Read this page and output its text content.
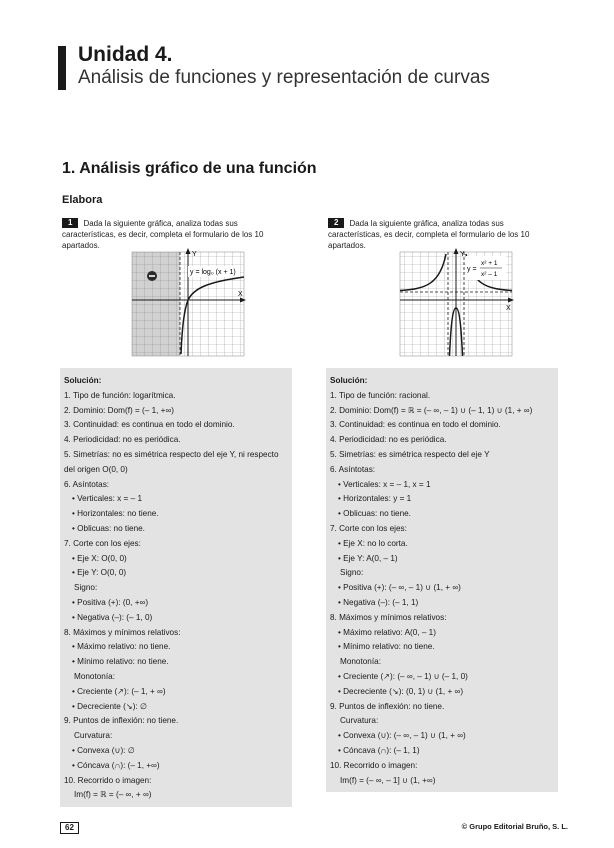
Unidad 4.
Análisis de funciones y representación de curvas
1. Análisis gráfico de una función
Elabora
1 Dada la siguiente gráfica, analiza todas sus características, es decir, completa el formulario de los 10 apartados.
y = log₀ (x + 1)
Y
X
Solución:
1. Tipo de función: logarítmica.
2. Dominio: Dom(f) = (– 1, +∞)
3. Continuidad: es continua en todo el dominio.
4. Periodicidad: no es periódica.
5. Simetrías: no es simétrica respecto del eje Y, ni respecto del origen O(0, 0)
6. Asíntotas:
• Verticales: x = – 1
• Horizontales: no tiene.
• Oblicuas: no tiene.
7. Corte con los ejes:
• Eje X: O(0, 0)
• Eje Y: O(0, 0)
Signo:
• Positiva (+): (0, +∞)
• Negativa (–): (– 1, 0)
8. Máximos y mínimos relativos:
• Máximo relativo: no tiene.
• Mínimo relativo: no tiene.
Monotonía:
• Creciente (↗): (– 1, + ∞)
• Decreciente (↘): ∅
9. Puntos de inflexión: no tiene.
Curvatura:
• Convexa (∪): ∅
• Cóncava (∩): (– 1, +∞)
10. Recorrido o imagen:
Im(f) = ℝ = (– ∞, + ∞)
2 Dada la siguiente gráfica, analiza todas sus características, es decir, completa el formulario de los 10 apartados.
y =
x² + 1
x² – 1
Y
X
Solución:
1. Tipo de función: racional.
2. Dominio: Dom(f) = ℝ = (– ∞, – 1) ∪ (– 1, 1) ∪ (1, + ∞)
3. Continuidad: es continua en todo el dominio.
4. Periodicidad: no es periódica.
5. Simetrías: es simétrica respecto del eje Y
6. Asíntotas:
• Verticales: x = – 1, x = 1
• Horizontales: y = 1
• Oblicuas: no tiene.
7. Corte con los ejes:
• Eje X: no lo corta.
• Eje Y: A(0, – 1)
Signo:
• Positiva (+): (– ∞, – 1) ∪ (1, + ∞)
• Negativa (–): (– 1, 1)
8. Máximos y mínimos relativos:
• Máximo relativo: A(0, – 1)
• Mínimo relativo: no tiene.
Monotonía:
• Creciente (↗): (– ∞, – 1) ∪ (– 1, 0)
• Decreciente (↘): (0, 1) ∪ (1, + ∞)
9. Puntos de inflexión: no tiene.
Curvatura:
• Convexa (∪): (– ∞, – 1) ∪ (1, + ∞)
• Cóncava (∩): (– 1, 1)
10. Recorrido o imagen:
Im(f) = (– ∞, – 1] ∪ (1, +∞)
62	© Grupo Editorial Bruño, S. L.
